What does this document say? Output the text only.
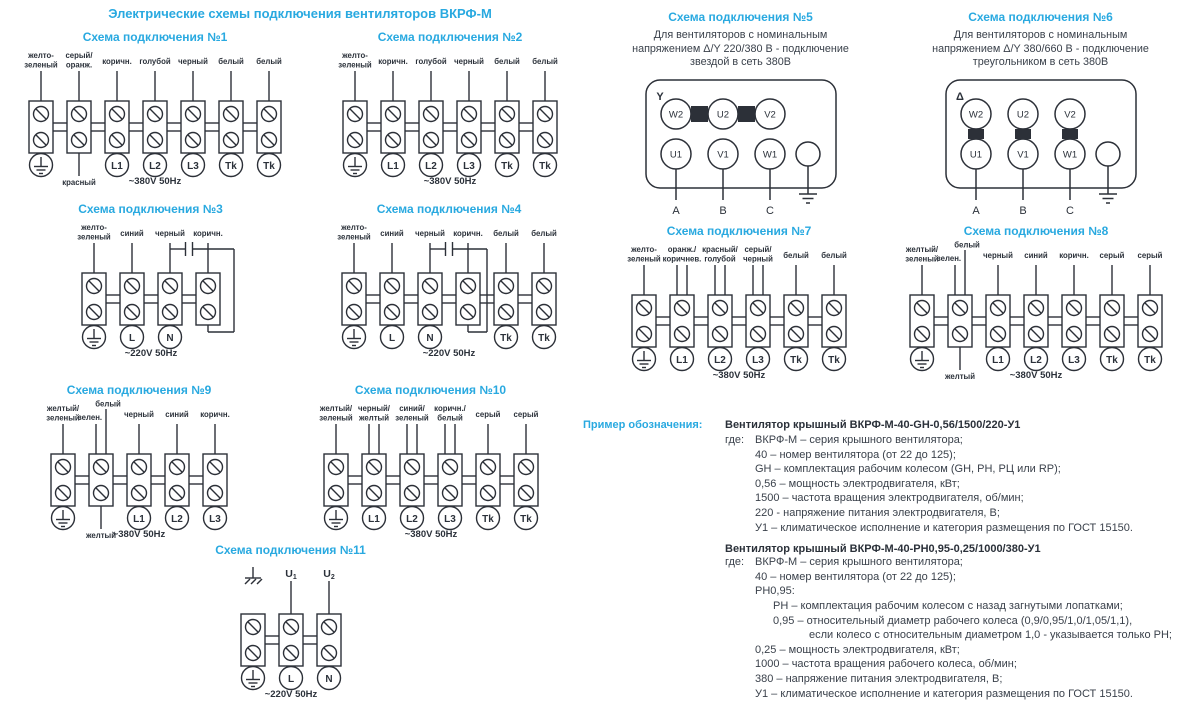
Электрические схемы подключения вентиляторов ВКРФ-М
Схема подключения №1
желто-
зеленый
серый/
оранж.
красный
коричн.
L1
голубой
L2
черный
L3
белый
Tk
белый
Tk
~380V 50Hz
Схема подключения №2
желто-
зеленый коричн.
L1
голубой
L2
черный
L3
белый
Tk
белый
Tk
~380V 50Hz
Схема подключения №3
желто-
зеленый синий
L
черный
N
коричн.
~220V 50Hz
Схема подключения №4
желто-
зеленый синий
L
черный
N
коричн. белый
Tk
белый
Tk
~220V 50Hz
Схема подключения №5
Для вентиляторов с номинальным
напряжением Δ/Y 220/380 В - подключение
звездой в сеть 380В
Y
W2
U1
A
U2
V1
B
V2
W1
C
Схема подключения №6
Для вентиляторов с номинальным
напряжением Δ/Y 380/660 В - подключение
треугольником в сеть 380В
Δ
W2
U1
A
U2
V1
B
V2
W1
C
Схема подключения №7
желто-
зеленый
оранж./
коричнев.
L1
красный/
голубой
L2
серый/
черный
L3
белый
Tk
белый
Tk
~380V 50Hz
Схема подключения №8
желтый/
зеленый
зелен.
белый
желтый
черный
L1
синий
L2
коричн.
L3
серый
Tk
серый
Tk
~380V 50Hz
Схема подключения №9
желтый/
зеленый
зелен.
белый
желтый
черный
L1
синий
L2
коричн.
L3
~380V 50Hz
Схема подключения №10
желтый/
зеленый
черный/
желтый
L1
синий/
зеленый
L2
коричн./
белый
L3
серый
Tk
серый
Tk
~380V 50Hz
Схема подключения №11
U1
L
U2
N
~220V 50Hz

Пример обозначения: Вентилятор крышный ВКРФ-М-40-GH-0,56/1500/220-У1

где: ВКРФ-М – серия крышного вентилятора;

40 – номер вентилятора (от 22 до 125);

GH – комплектация рабочим колесом (GH, PH, РЦ или RP);

0,56 – мощность электродвигателя, кВт;

1500 – частота вращения электродвигателя, об/мин;

220 - напряжение питания электродвигателя, В;

У1 – климатическое исполнение и категория размещения по ГОСТ 15150.

Вентилятор крышный ВКРФ-М-40-РН0,95-0,25/1000/380-У1

где: ВКРФ-М – серия крышного вентилятора;

40 – номер вентилятора (от 22 до 125);

РН0,95:

РН – комплектация рабочим колесом с назад загнутыми лопатками;

0,95 – относительный диаметр рабочего колеса (0,9/0,95/1,0/1,05/1,1),

если колесо с относительным диаметром 1,0 - указывается только РН;

0,25 – мощность электродвигателя, кВт;

1000 – частота вращения рабочего колеса, об/мин;

380 – напряжение питания электродвигателя, В;

У1 – климатическое исполнение и категория размещения по ГОСТ 15150.
